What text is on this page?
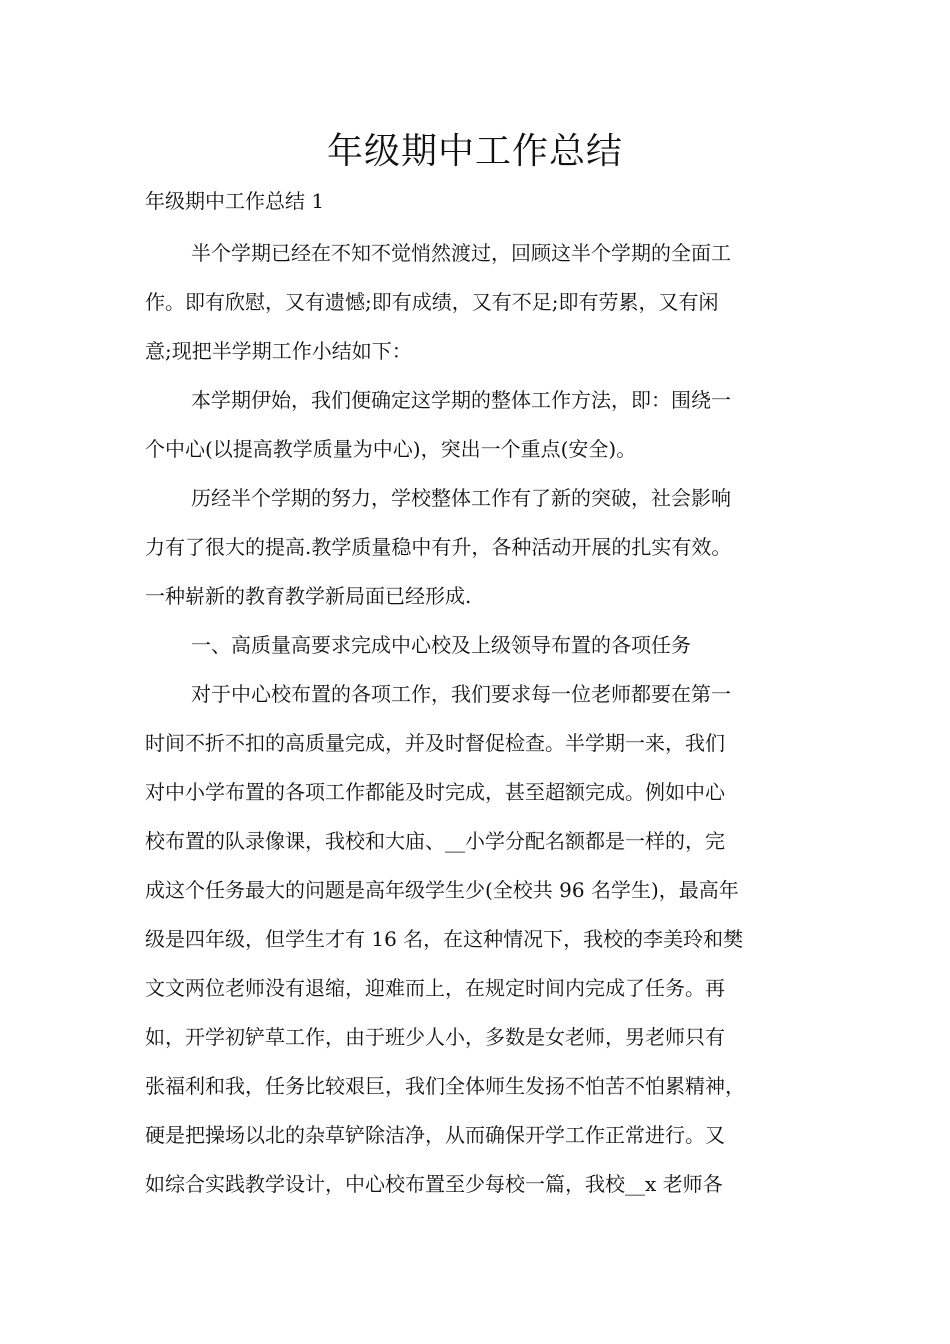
年级期中工作总结

年级期中工作总结 1

半个学期已经在不知不觉悄然渡过，回顾这半个学期的全面工
作。即有欣慰，又有遗憾;即有成绩，又有不足;即有劳累，又有闲
意;现把半学期工作小结如下：
本学期伊始，我们便确定这学期的整体工作方法，即：围绕一
个中心(以提高教学质量为中心)，突出一个重点(安全)。
历经半个学期的努力，学校整体工作有了新的突破，社会影响
力有了很大的提高.教学质量稳中有升，各种活动开展的扎实有效。
一种崭新的教育教学新局面已经形成.
一、高质量高要求完成中心校及上级领导布置的各项任务
对于中心校布置的各项工作，我们要求每一位老师都要在第一
时间不折不扣的高质量完成，并及时督促检查。半学期一来，我们
对中小学布置的各项工作都能及时完成，甚至超额完成。例如中心
校布置的队录像课，我校和大庙、__小学分配名额都是一样的，完
成这个任务最大的问题是高年级学生少(全校共 96 名学生)，最高年
级是四年级，但学生才有 16 名，在这种情况下，我校的李美玲和樊
文文两位老师没有退缩，迎难而上，在规定时间内完成了任务。再
如，开学初铲草工作，由于班少人小，多数是女老师，男老师只有
张福利和我，任务比较艰巨，我们全体师生发扬不怕苦不怕累精神，
硬是把操场以北的杂草铲除洁净，从而确保开学工作正常进行。又
如综合实践教学设计，中心校布置至少每校一篇，我校__x 老师各
